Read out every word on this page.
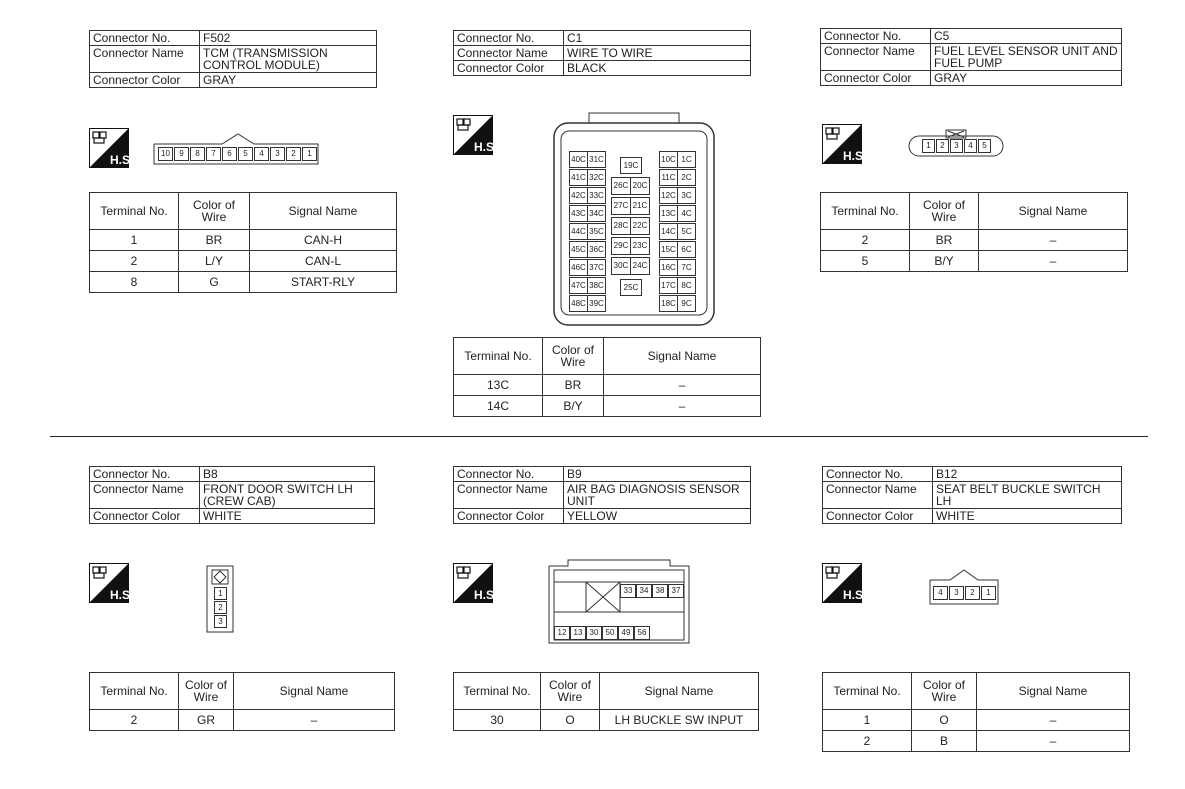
10	9	8	7	6	5	4	3	2	1
40C 31C
41C 32C
42C 33C
43C 34C
44C 35C
45C 36C
46C 37C
47C 38C
48C 39C
10C 1C
11C 2C
12C 3C
13C 4C
14C 5C
15C 6C
16C 7C
17C 8C
18C 9C
19C
26C 20C
27C 21C
28C 22C
29C 23C
30C 24C
25C
1	2	3	4	5
1
2
3
33 34 38 37
12 13 30 50 49 56
4	3	2	1
Connector No.	F502
Connector Name	TCM (TRANSMISSION CONTROL MODULE)
Connector Color	GRAY
H.S.
Terminal No.	Color of Wire	Signal Name
1	BR	CAN-H
2	L/Y	CAN-L
8	G	START-RLY
Connector No.	C1
Connector Name	WIRE TO WIRE
Connector Color	BLACK
H.S.
Terminal No.	Color of Wire	Signal Name
13C	BR	–
14C	B/Y	–
Connector No.	C5
Connector Name	FUEL LEVEL SENSOR UNIT AND FUEL PUMP
Connector Color	GRAY
H.S.
Terminal No.	Color of Wire	Signal Name
2	BR	–
5	B/Y	–
Connector No.	B8
Connector Name	FRONT DOOR SWITCH LH (CREW CAB)
Connector Color	WHITE
H.S.
Terminal No.	Color of Wire	Signal Name
2	GR	–
Connector No.	B9
Connector Name	AIR BAG DIAGNOSIS SENSOR UNIT
Connector Color	YELLOW
H.S.
Terminal No.	Color of Wire	Signal Name
30	O	LH BUCKLE SW INPUT
Connector No.	B12
Connector Name	SEAT BELT BUCKLE SWITCH LH
Connector Color	WHITE
H.S.
Terminal No.	Color of Wire	Signal Name
1	O	–
2	B	–
